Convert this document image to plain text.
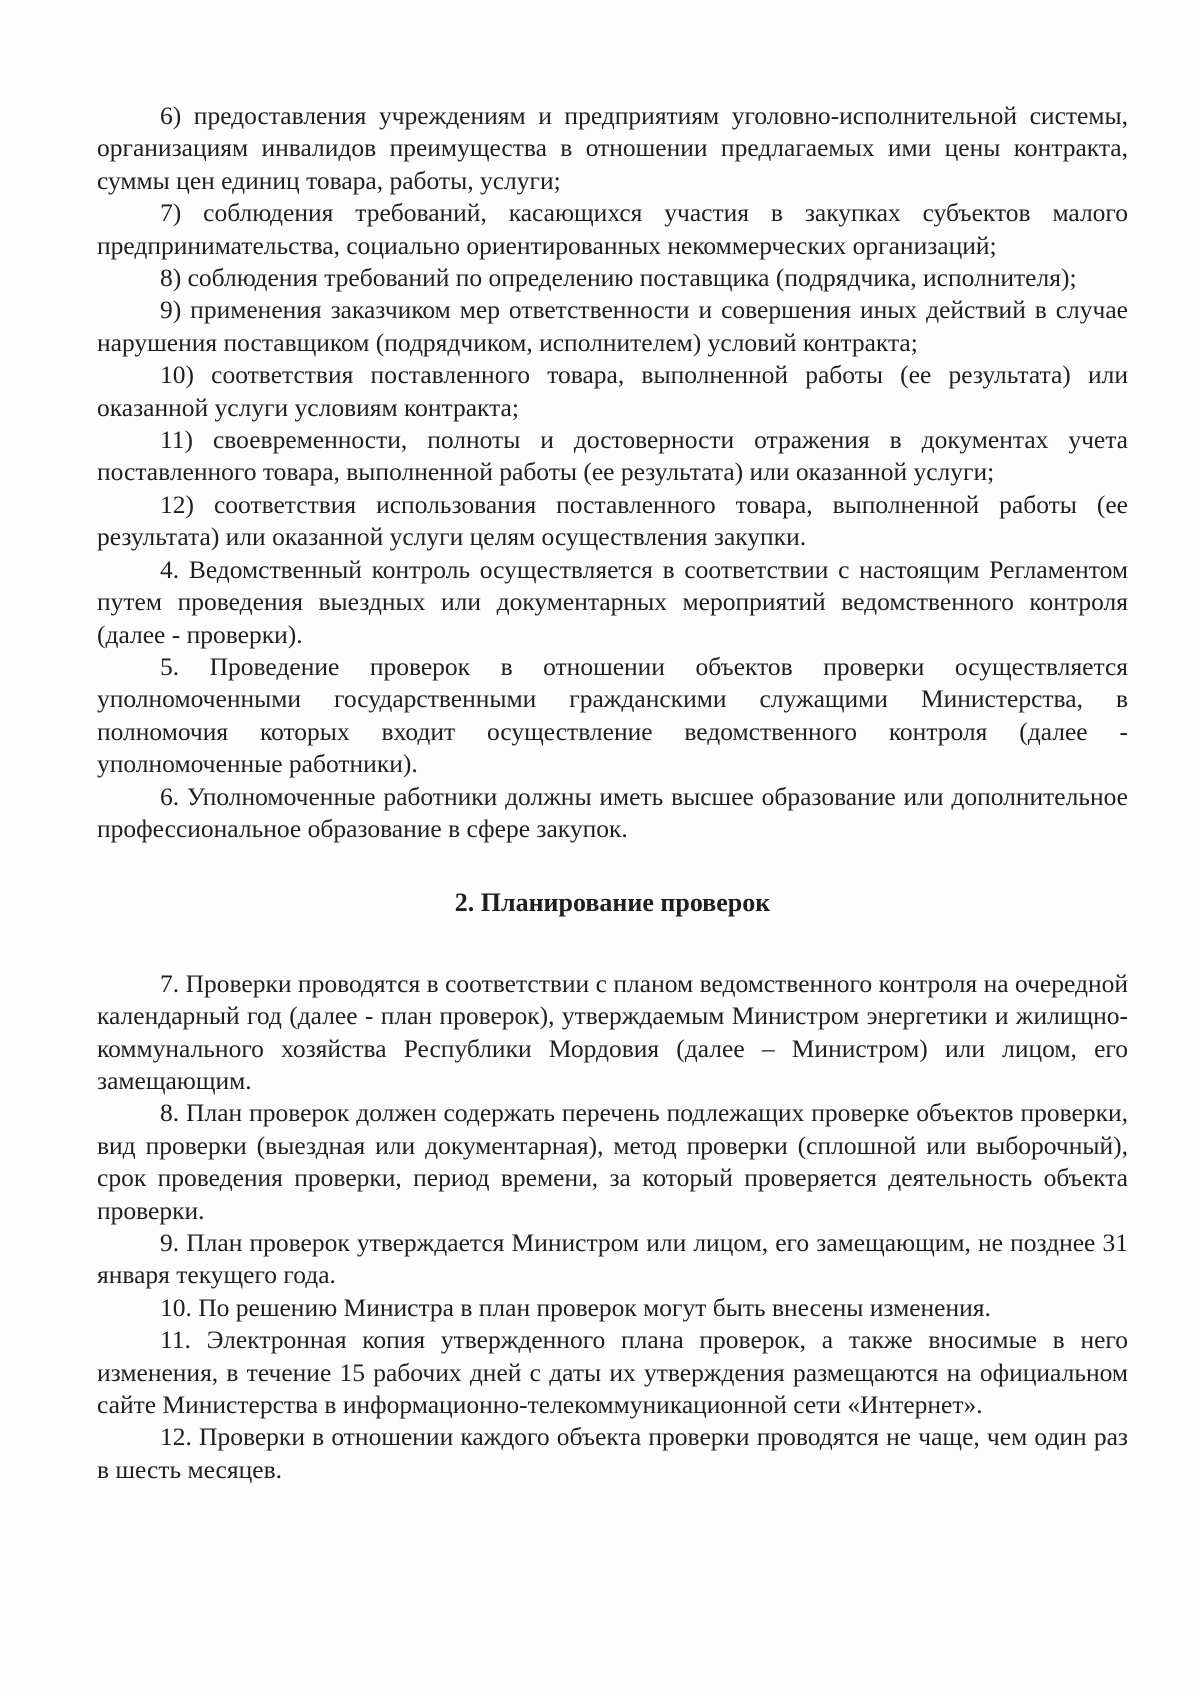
6) предоставления учреждениям и предприятиям уголовно-исполнительной системы, организациям инвалидов преимущества в отношении предлагаемых ими цены контракта, суммы цен единиц товара, работы, услуги;

7) соблюдения требований, касающихся участия в закупках субъектов малого предпринимательства, социально ориентированных некоммерческих организаций;

8) соблюдения требований по определению поставщика (подрядчика, исполнителя);

9) применения заказчиком мер ответственности и совершения иных действий в случае нарушения поставщиком (подрядчиком, исполнителем) условий контракта;

10) соответствия поставленного товара, выполненной работы (ее результата) или оказанной услуги условиям контракта;

11) своевременности, полноты и достоверности отражения в документах учета поставленного товара, выполненной работы (ее результата) или оказанной услуги;

12) соответствия использования поставленного товара, выполненной работы (ее результата) или оказанной услуги целям осуществления закупки.

4. Ведомственный контроль осуществляется в соответствии с настоящим Регламентом путем проведения выездных или документарных мероприятий ведомственного контроля (далее - проверки).

5. Проведение проверок в отношении объектов проверки осуществляется уполномоченными государственными гражданскими служащими Министерства, в полномочия которых входит осуществление ведомственного контроля (далее - уполномоченные работники).

6. Уполномоченные работники должны иметь высшее образование или дополнительное профессиональное образование в сфере закупок.

2. Планирование проверок

7. Проверки проводятся в соответствии с планом ведомственного контроля на очередной календарный год (далее - план проверок), утверждаемым Министром энергетики и жилищно-коммунального хозяйства Республики Мордовия (далее – Министром) или лицом, его замещающим.

8. План проверок должен содержать перечень подлежащих проверке объектов проверки, вид проверки (выездная или документарная), метод проверки (сплошной или выборочный), срок проведения проверки, период времени, за который проверяется деятельность объекта проверки.

9. План проверок утверждается Министром или лицом, его замещающим, не позднее 31 января текущего года.

10. По решению Министра в план проверок могут быть внесены изменения.

11. Электронная копия утвержденного плана проверок, а также вносимые в него изменения, в течение 15 рабочих дней с даты их утверждения размещаются на официальном сайте Министерства в информационно-телекоммуникационной сети «Интернет».

12. Проверки в отношении каждого объекта проверки проводятся не чаще, чем один раз в шесть месяцев.
